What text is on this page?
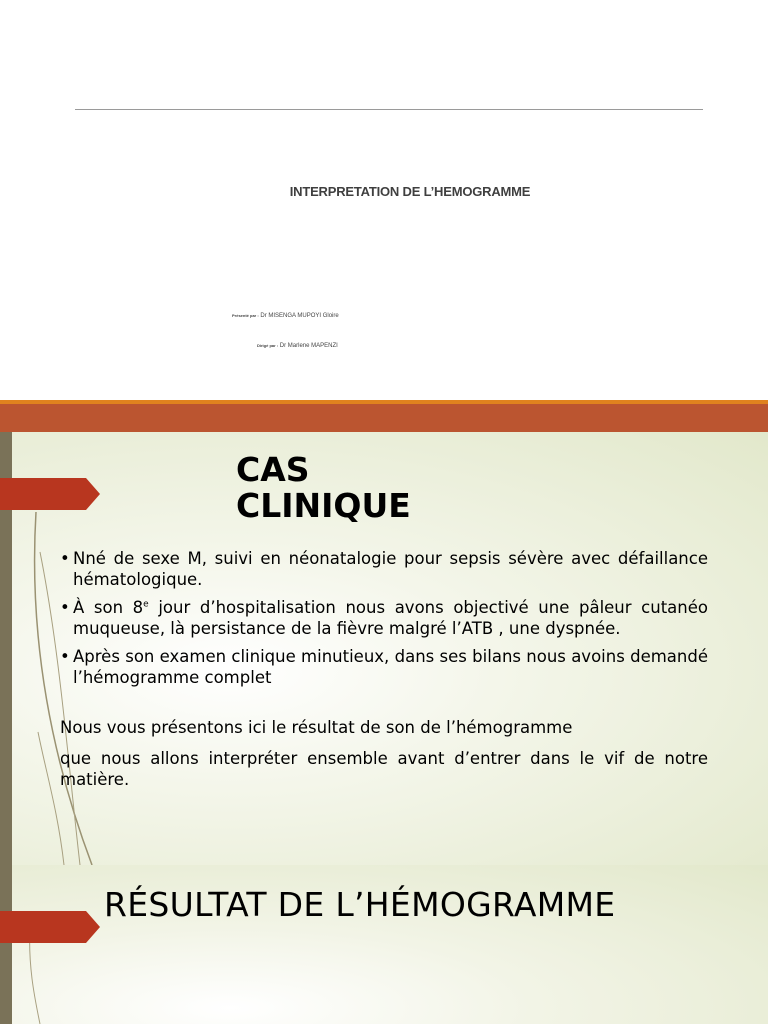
INTERPRETATION DE L’HEMOGRAMME
Présenté par : Dr MISENGA MUPOYI Gloire
Dirigé par : Dr Marlene MAPENZI
CAS
CLINIQUE
• Nné de sexe M, suivi en néonatalogie pour sepsis sévère avec défaillance hématologique.
• À son 8e jour d’hospitalisation nous avons objectivé une pâleur cutanéo muqueuse, là persistance de la fièvre malgré l’ATB , une dyspnée.
• Après son examen clinique minutieux, dans ses bilans nous avoins demandé l’hémogramme complet
Nous vous présentons ici le résultat de son de l’hémogramme
que nous allons interpréter ensemble avant d’entrer dans le vif de notre matière.
RÉSULTAT DE L’HÉMOGRAMME
